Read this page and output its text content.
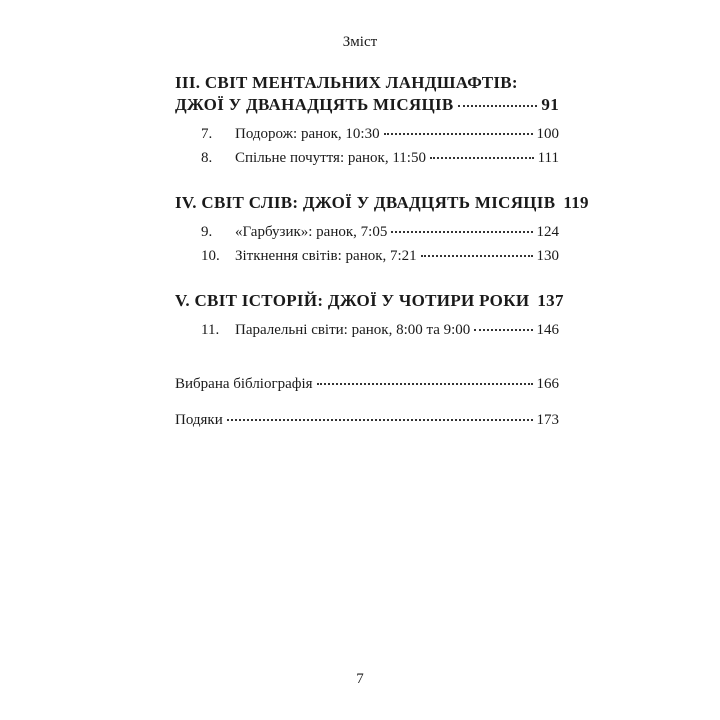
Зміст
III. СВІТ МЕНТАЛЬНИХ ЛАНДШАФТІВ:
ДЖОЇ У ДВАНАДЦЯТЬ МІСЯЦІВ	91
7.	Подорож: ранок, 10:30	100
8.	Спільне почуття: ранок, 11:50	111
IV. СВІТ СЛІВ: ДЖОЇ У ДВАДЦЯТЬ МІСЯЦІВ 119
9.	«Гарбузик»: ранок, 7:05	124
10.	Зіткнення світів: ранок, 7:21	130
V. СВІТ ІСТОРІЙ: ДЖОЇ У ЧОТИРИ РОКИ 137
11.	Паралельні світи: ранок, 8:00 та 9:00	146
Вибрана бібліографія	166
Подяки	173
7
